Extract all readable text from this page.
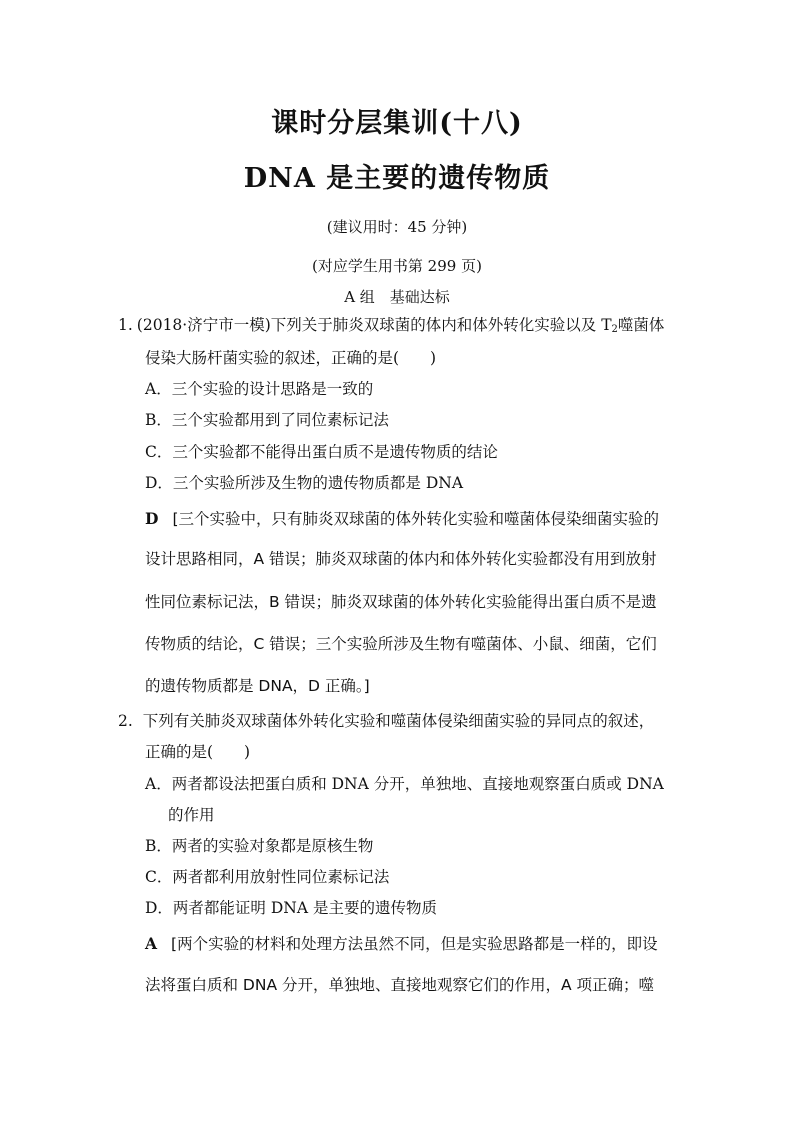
课时分层集训(十八)
DNA 是主要的遗传物质
(建议用时：45 分钟)
(对应学生用书第 299 页)
A 组　基础达标
1. (2018·济宁市一模)下列关于肺炎双球菌的体内和体外转化实验以及 $T_2$噬菌体
侵染大肠杆菌实验的叙述，正确的是(　　)
A．三个实验的设计思路是一致的
B．三个实验都用到了同位素标记法
C．三个实验都不能得出蛋白质不是遗传物质的结论
D．三个实验所涉及生物的遗传物质都是 DNA
D [三个实验中，只有肺炎双球菌的体外转化实验和噬菌体侵染细菌实验的
设计思路相同，A 错误；肺炎双球菌的体内和体外转化实验都没有用到放射
性同位素标记法，B 错误；肺炎双球菌的体外转化实验能得出蛋白质不是遗
传物质的结论，C 错误；三个实验所涉及生物有噬菌体、小鼠、细菌，它们
的遗传物质都是 DNA，D 正确。]
2. 下列有关肺炎双球菌体外转化实验和噬菌体侵染细菌实验的异同点的叙述，
正确的是(　　)
A．两者都设法把蛋白质和 DNA 分开，单独地、直接地观察蛋白质或 DNA
的作用
B．两者的实验对象都是原核生物
C．两者都利用放射性同位素标记法
D．两者都能证明 DNA 是主要的遗传物质
A [两个实验的材料和处理方法虽然不同，但是实验思路都是一样的，即设
法将蛋白质和 DNA 分开，单独地、直接地观察它们的作用，A 项正确；噬
